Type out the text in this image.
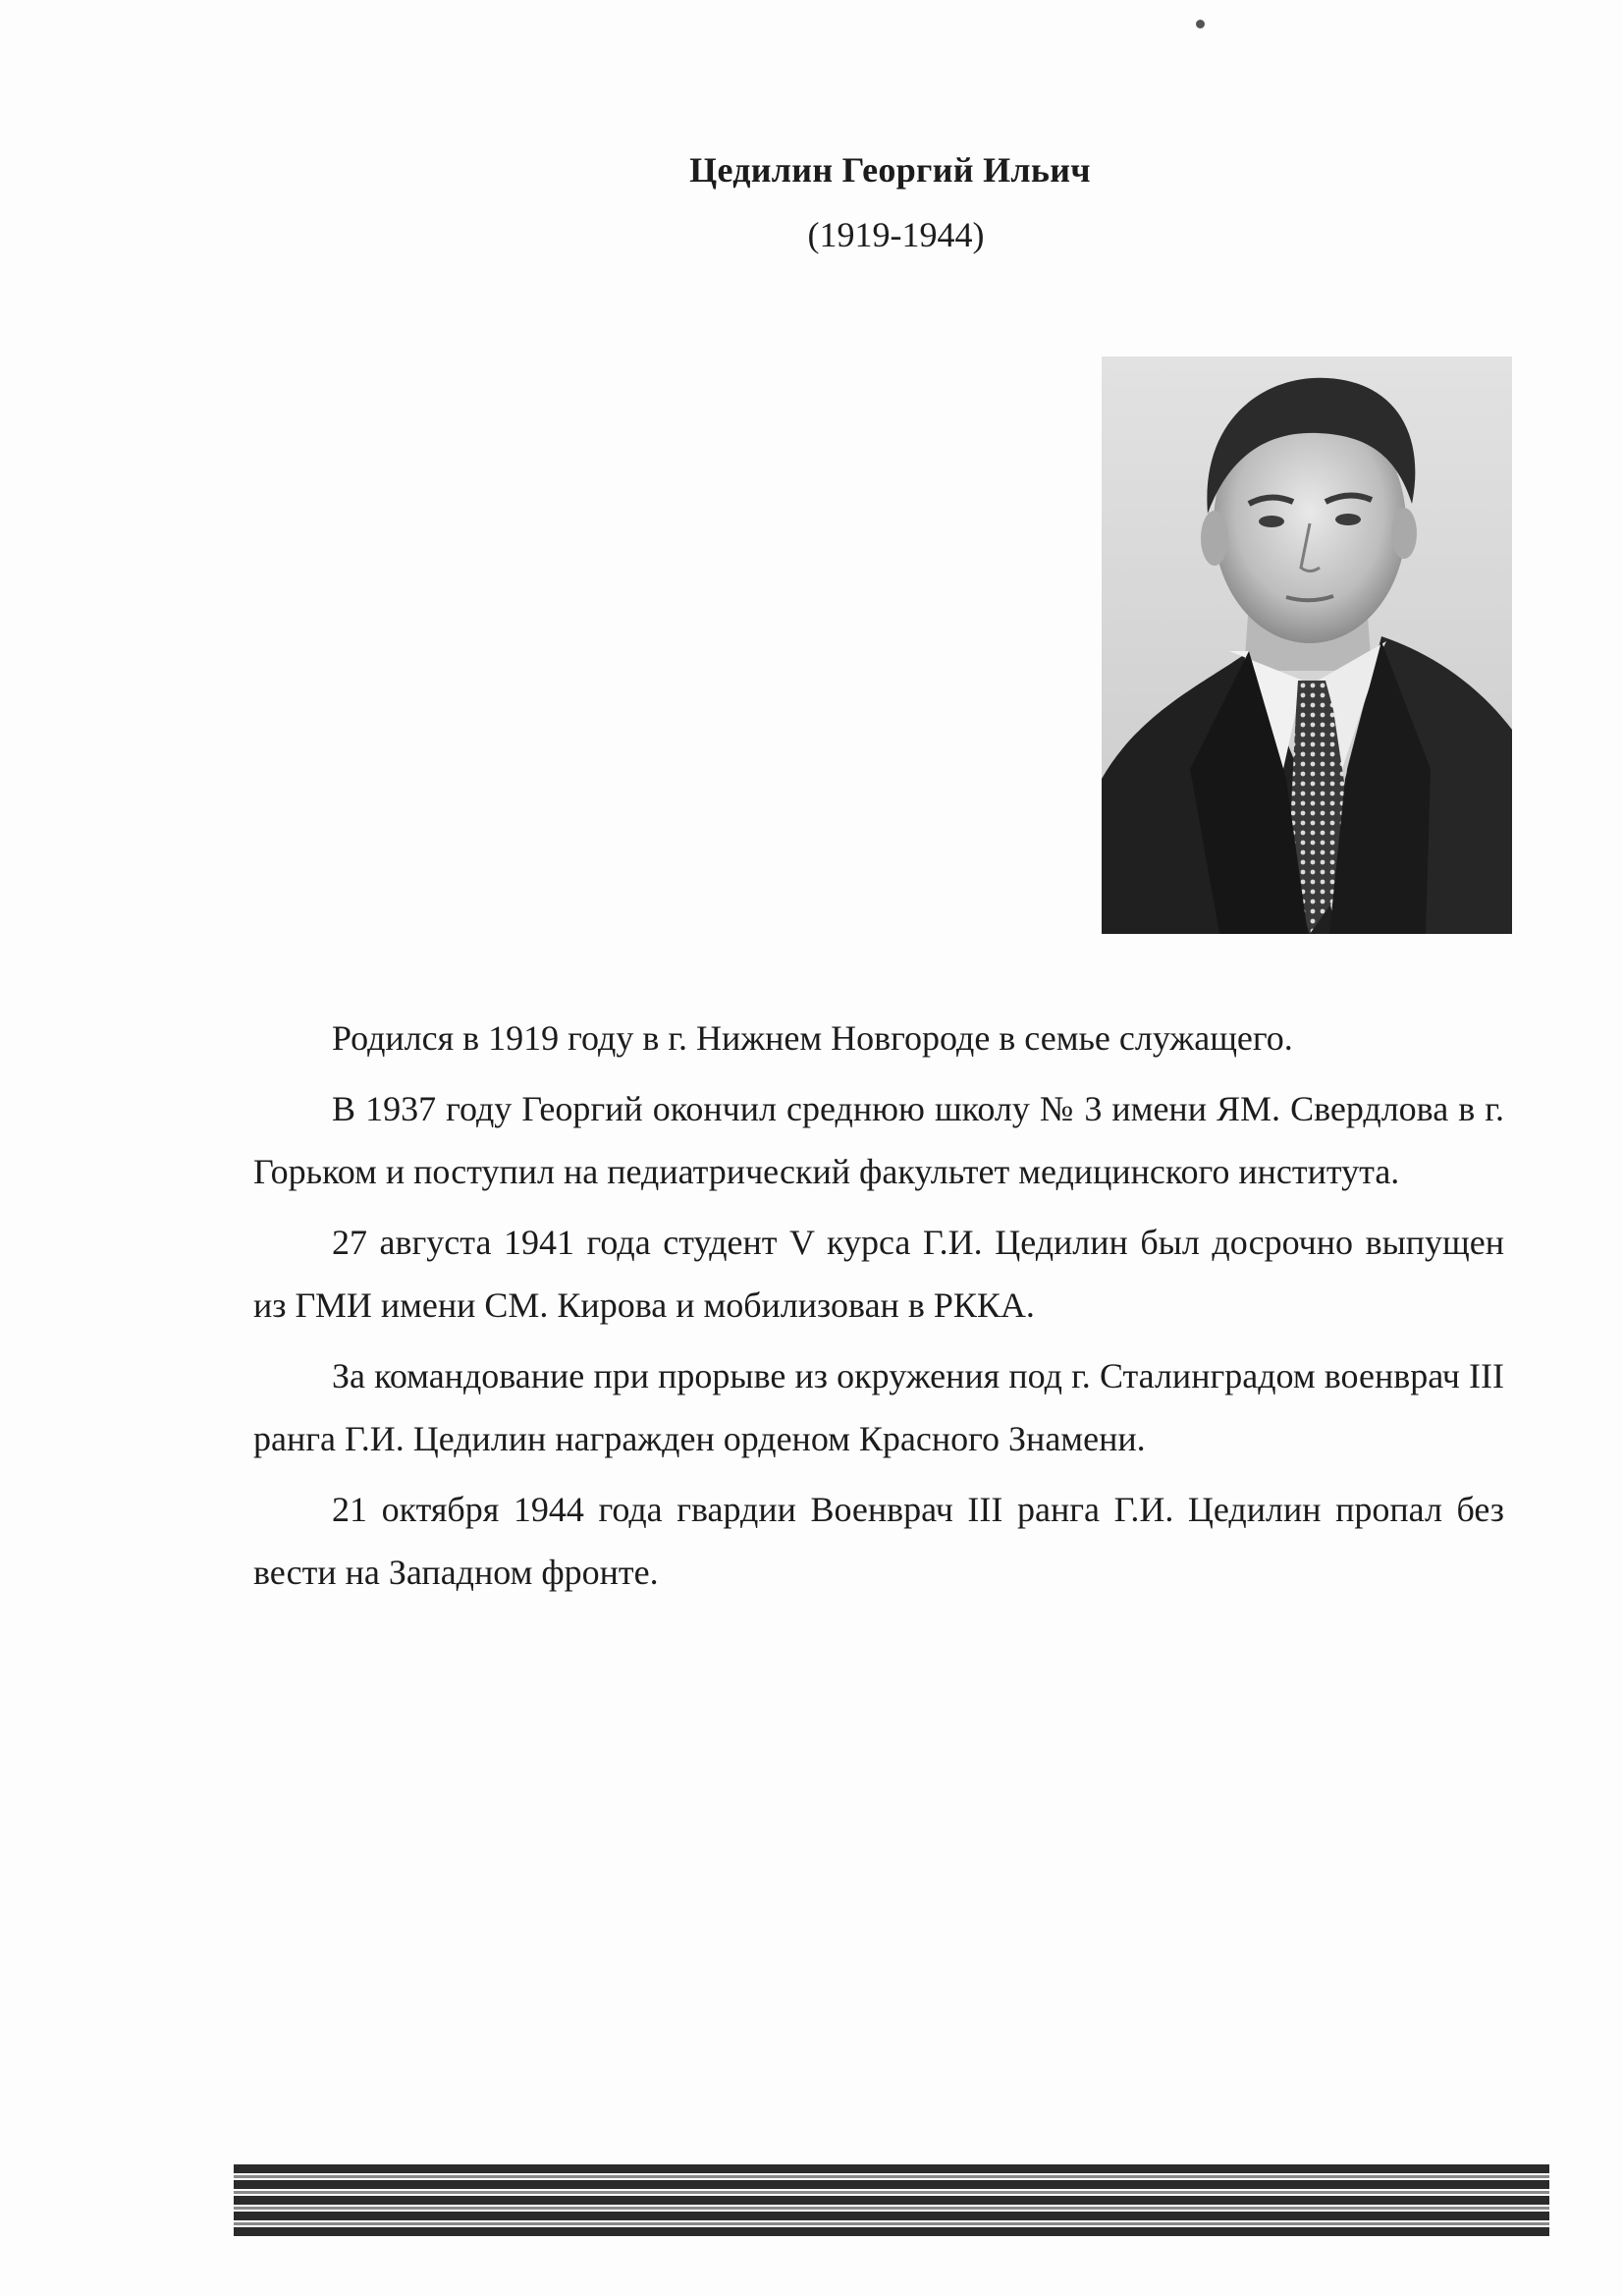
Цедилин Георгий Ильич
(1919-1944)

Родился в 1919 году в г. Нижнем Новгороде в семье служащего.

В 1937 году Георгий окончил среднюю школу № 3 имени ЯМ. Свердлова в г. Горьком и поступил на педиатрический факультет медицинского института.

27 августа 1941 года студент V курса Г.И. Цедилин был досрочно выпущен из ГМИ имени СМ. Кирова и мобилизован в РККА.

За командование при прорыве из окружения под г. Сталинградом военврач III ранга Г.И. Цедилин награжден орденом Красного Знамени.

21 октября 1944 года гвардии Военврач III ранга Г.И. Цедилин пропал без вести на Западном фронте.
